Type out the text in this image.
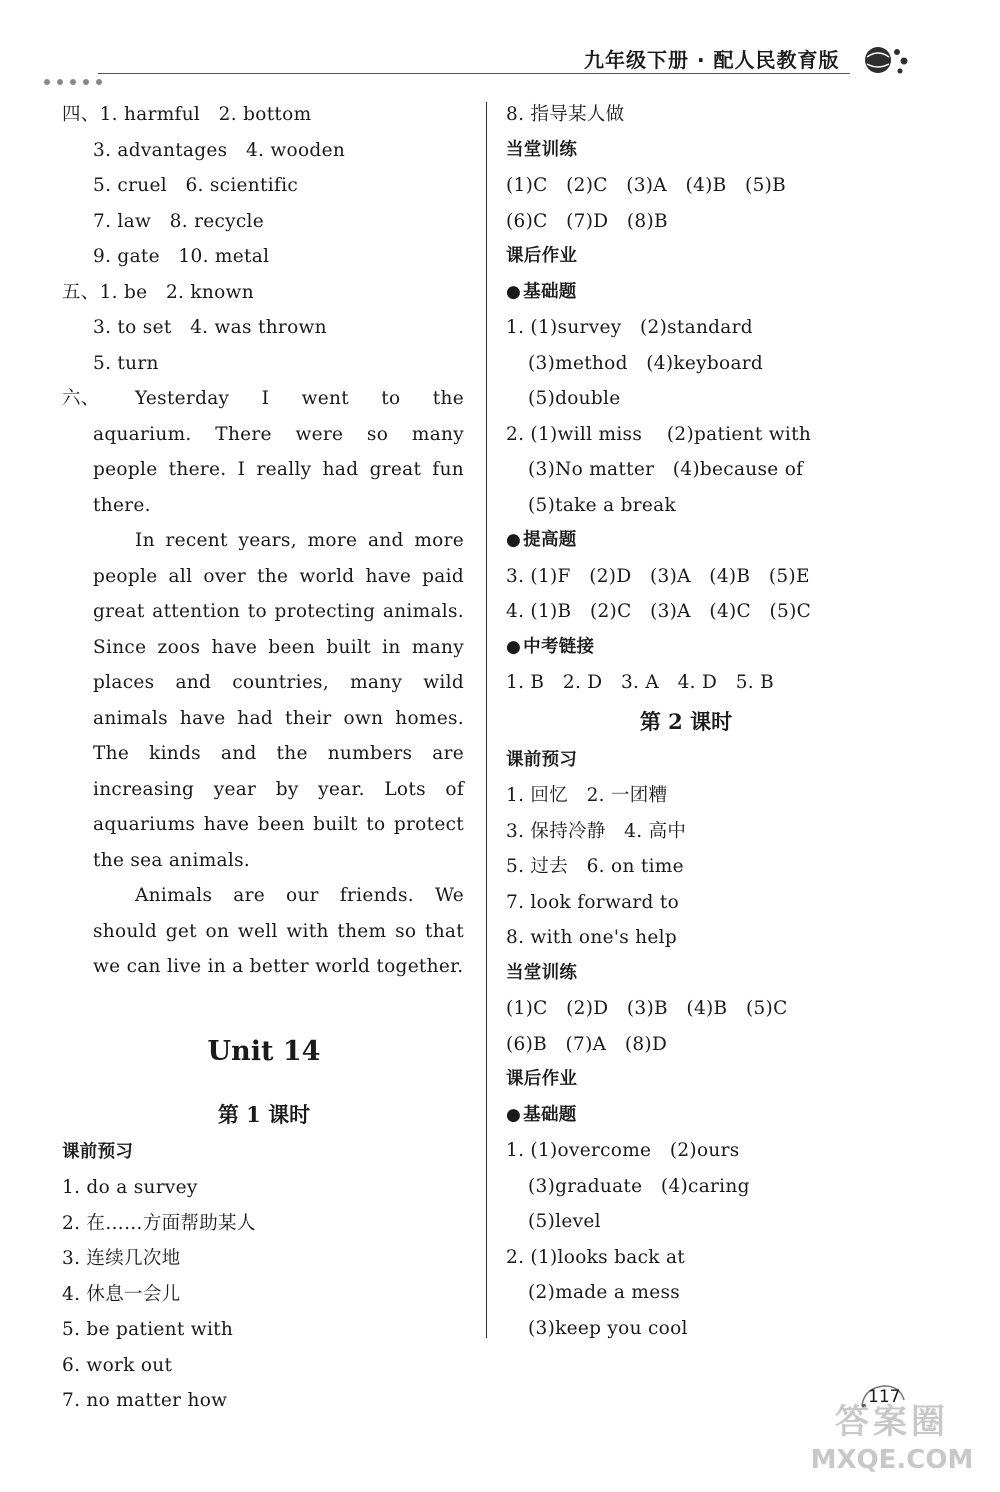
九年级下册 · 配人民教育版
四、1. harmful   2. bottom
3. advantages   4. wooden
5. cruel   6. scientific
7. law   8. recycle
9. gate   10. metal
五、1. be   2. known
3. to set   4. was thrown
5. turn

六、 Yesterday I went to the aquarium. There were so many people there. I really had great fun there.

In recent years, more and more people all over the world have paid great attention to protecting animals. Since zoos have been built in many places and countries, many wild animals have had their own homes. The kinds and the numbers are increasing year by year. Lots of aquariums have been built to protect the sea animals.

Animals are our friends. We should get on well with them so that we can live in a better world together.

Unit 14
第 1 课时
课前预习
1. do a survey
2. 在……方面帮助某人
3. 连续几次地
4. 休息一会儿
5. be patient with
6. work out
7. no matter how
8. 指导某人做
当堂训练
(1)C   (2)C   (3)A   (4)B   (5)B
(6)C   (7)D   (8)B
课后作业
● 基础题
1. (1)survey   (2)standard
(3)method   (4)keyboard
(5)double
2. (1)will miss    (2)patient with
(3)No matter   (4)because of
(5)take a break
● 提高题
3. (1)F   (2)D   (3)A   (4)B   (5)E
4. (1)B   (2)C   (3)A   (4)C   (5)C
● 中考链接
1. B   2. D   3. A   4. D   5. B
第 2 课时
课前预习
1. 回忆   2. 一团糟
3. 保持冷静   4. 高中
5. 过去   6. on time
7. look forward to
8. with one's help
当堂训练
(1)C   (2)D   (3)B   (4)B   (5)C
(6)B   (7)A   (8)D
课后作业
● 基础题
1. (1)overcome   (2)ours
(3)graduate   (4)caring
(5)level
2. (1)looks back at
(2)made a mess
(3)keep you cool
117
答案圈
MXQE.COM
